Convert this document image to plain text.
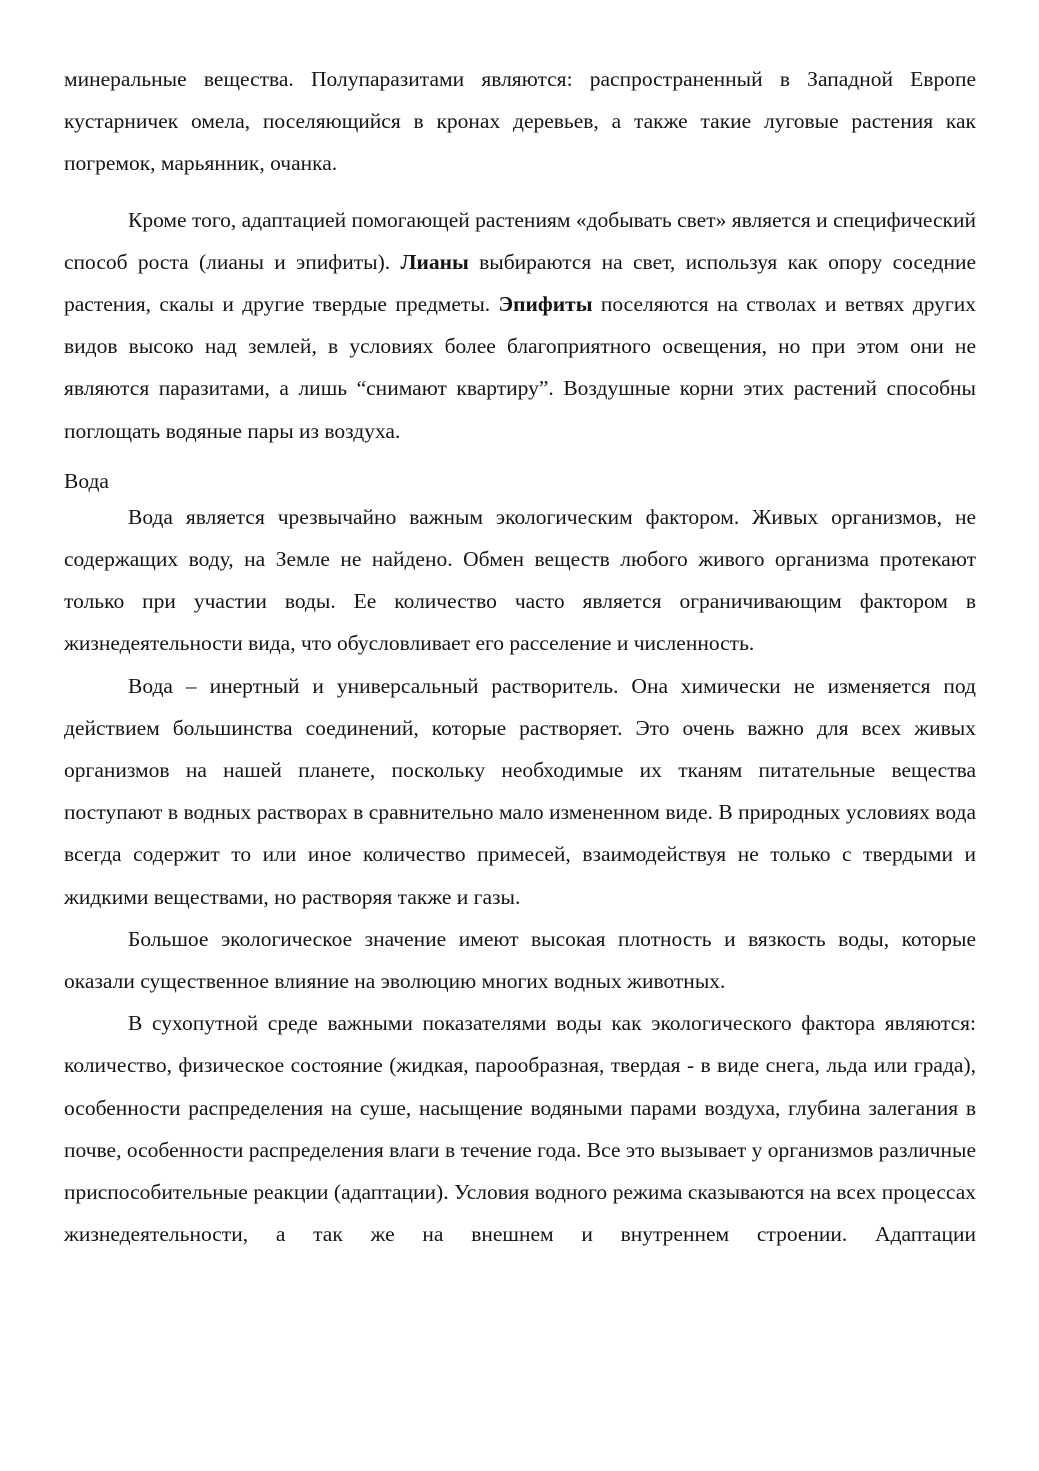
минеральные вещества. Полупаразитами являются: распространенный в Западной Европе кустарничек омела, поселяющийся в кронах деревьев, а также такие луговые растения как погремок, марьянник, очанка.

Кроме того, адаптацией помогающей растениям «добывать свет» является и специфический способ роста (лианы и эпифиты). Лианы выбираются на свет, используя как опору соседние растения, скалы и другие твердые предметы. Эпифиты поселяются на стволах и ветвях других видов высоко над землей, в условиях более благоприятного освещения, но при этом они не являются паразитами, а лишь “снимают квартиру”. Воздушные корни этих растений способны поглощать водяные пары из воздуха.

Вода

Вода является чрезвычайно важным экологическим фактором. Живых организмов, не содержащих воду, на Земле не найдено. Обмен веществ любого живого организма протекают только при участии воды. Ее количество часто является ограничивающим фактором в жизнедеятельности вида, что обусловливает его расселение и численность.

Вода – инертный и универсальный растворитель. Она химически не изменяется под действием большинства соединений, которые растворяет. Это очень важно для всех живых организмов на нашей планете, поскольку необходимые их тканям питательные вещества поступают в водных растворах в сравнительно мало измененном виде. В природных условиях вода всегда содержит то или иное количество примесей, взаимодействуя не только с твердыми и жидкими веществами, но растворяя также и газы.

Большое экологическое значение имеют высокая плотность и вязкость воды, которые оказали существенное влияние на эволюцию многих водных животных.

В сухопутной среде важными показателями воды как экологического фактора являются: количество, физическое состояние (жидкая, парообразная, твердая - в виде снега, льда или града), особенности распределения на суше, насыщение водяными парами воздуха, глубина залегания в почве, особенности распределения влаги в течение года. Все это вызывает у организмов различные приспособительные реакции (адаптации). Условия водного режима сказываются на всех процессах жизнедеятельности, а так же на внешнем и внутреннем строении. Адаптации
